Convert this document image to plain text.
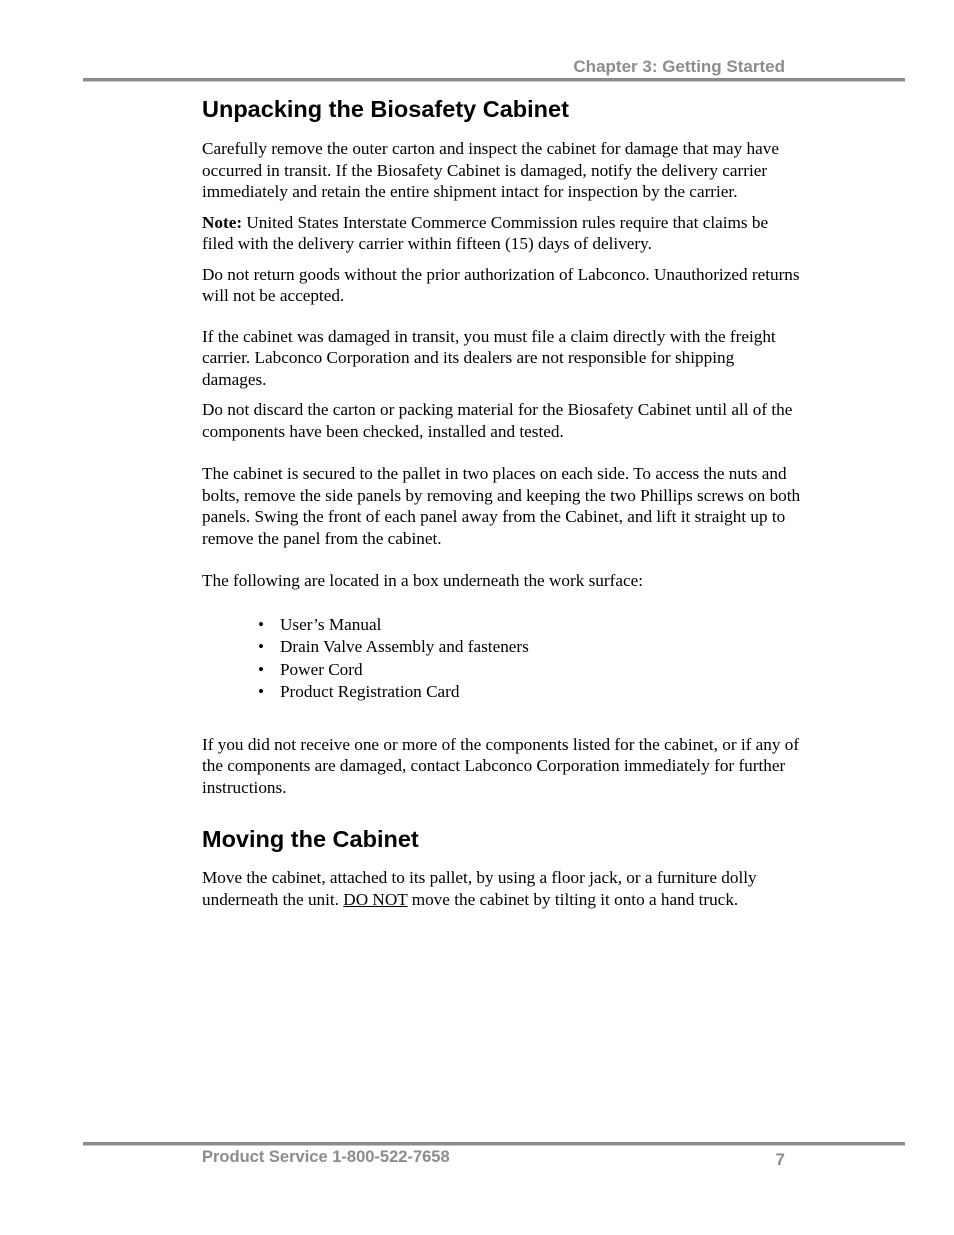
Chapter 3: Getting Started
Unpacking the Biosafety Cabinet

Carefully remove the outer carton and inspect the cabinet for damage that may have occurred in transit. If the Biosafety Cabinet is damaged, notify the delivery carrier immediately and retain the entire shipment intact for inspection by the carrier.

Note: United States Interstate Commerce Commission rules require that claims be filed with the delivery carrier within fifteen (15) days of delivery.

Do not return goods without the prior authorization of Labconco. Unauthorized returns will not be accepted.

If the cabinet was damaged in transit, you must file a claim directly with the freight carrier. Labconco Corporation and its dealers are not responsible for shipping damages.

Do not discard the carton or packing material for the Biosafety Cabinet until all of the components have been checked, installed and tested.

The cabinet is secured to the pallet in two places on each side. To access the nuts and bolts, remove the side panels by removing and keeping the two Phillips screws on both panels. Swing the front of each panel away from the Cabinet, and lift it straight up to remove the panel from the cabinet.

The following are located in a box underneath the work surface:

• User’s Manual
• Drain Valve Assembly and fasteners
• Power Cord
• Product Registration Card

If you did not receive one or more of the components listed for the cabinet, or if any of the components are damaged, contact Labconco Corporation immediately for further instructions.

Moving the Cabinet

Move the cabinet, attached to its pallet, by using a floor jack, or a furniture dolly underneath the unit. DO NOT move the cabinet by tilting it onto a hand truck.

Product Service 1-800-522-7658	7
